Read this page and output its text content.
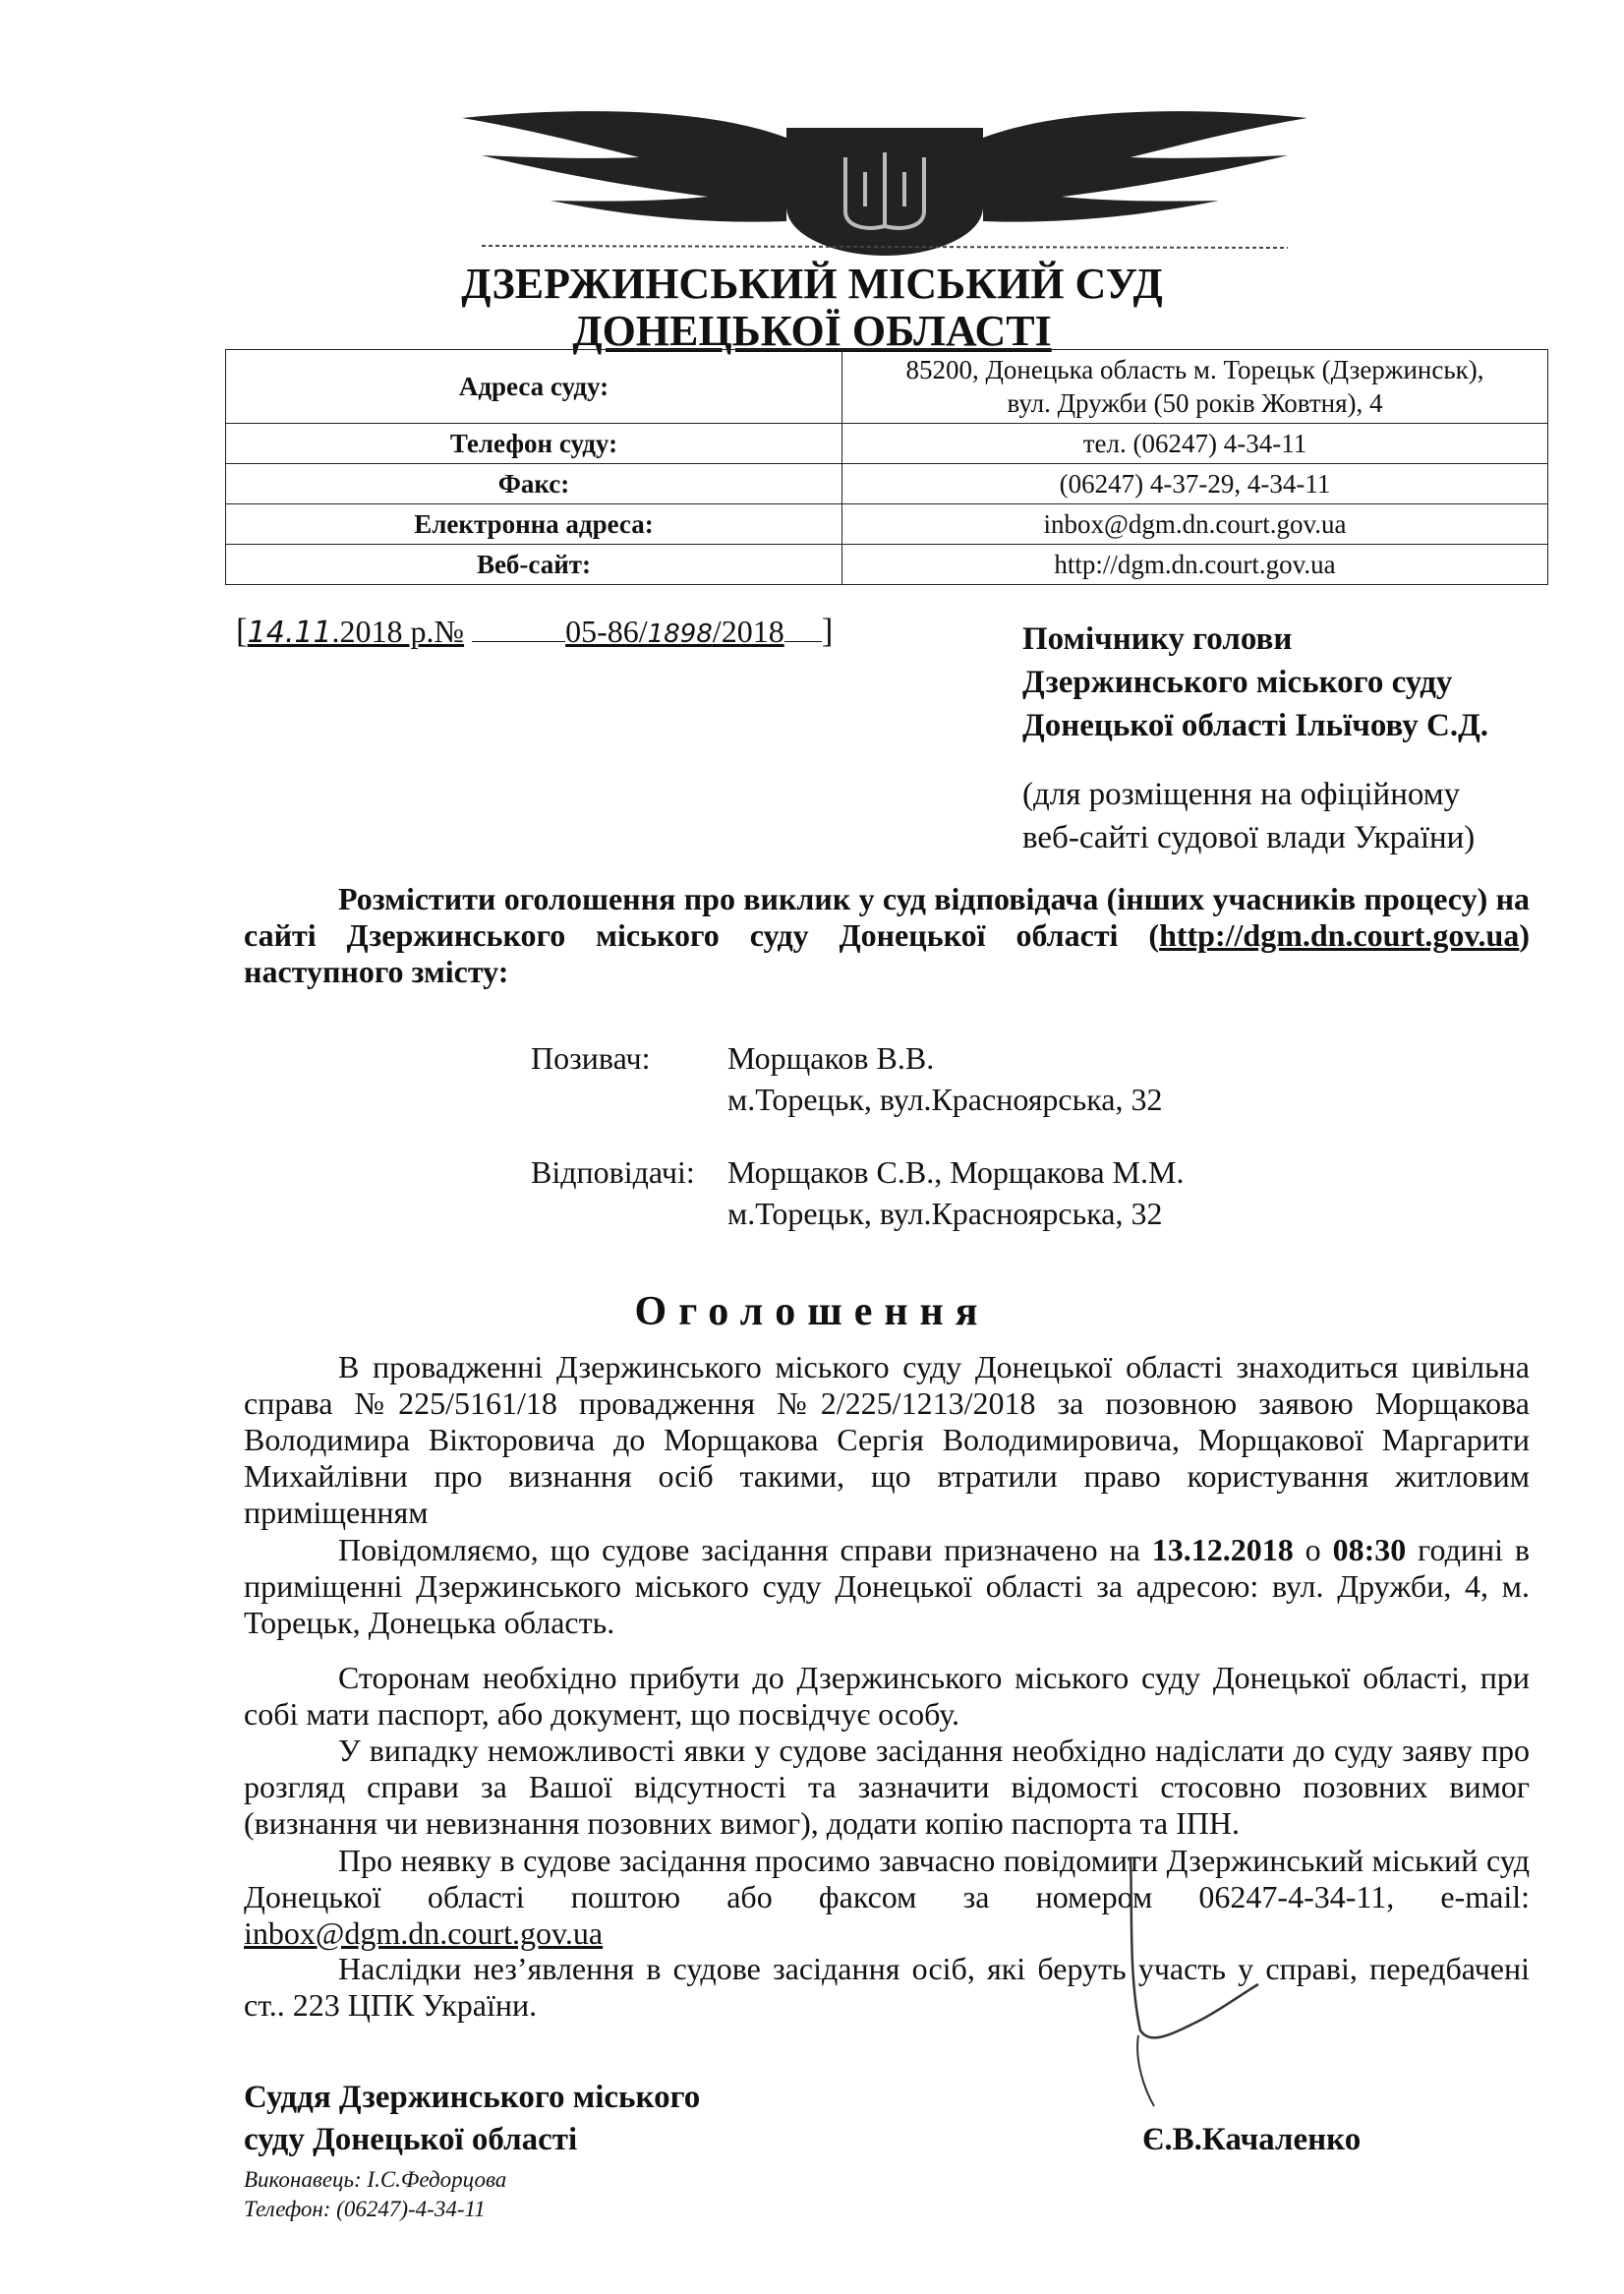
ДЗЕРЖИНСЬКИЙ МІСЬКИЙ СУД
ДОНЕЦЬКОЇ ОБЛАСТІ
Адреса суду:	85200, Донецька область м. Торецьк (Дзержинськ),
вул. Дружби (50 років Жовтня), 4

Телефон суду:	тел. (06247) 4-34-11
Факс:	(06247) 4-37-29, 4-34-11
Електронна адреса:	inbox@dgm.dn.court.gov.ua
Веб-сайт:	http://dgm.dn.court.gov.ua
[14.11.2018 р.№	05-86/1898/2018 ]	Помічнику голови
Дзержинського міського суду
Донецької області Ільїчову С.Д.
(для розміщення на офіційному
веб-сайті судової влади України)
Розмістити оголошення про виклик у суд відповідача (інших учасників процесу) на сайті Дзержинського міського суду Донецької області (http://dgm.dn.court.gov.ua) наступного змісту:
Позивач: Морщаков В.В.
м.Торецьк, вул.Красноярська, 32
Відповідачі: Морщаков С.В., Морщакова М.М.
м.Торецьк, вул.Красноярська, 32
Оголошення
В провадженні Дзержинського міського суду Донецької області знаходиться цивільна справа №225/5161/18 провадження №2/225/1213/2018 за позовною заявою Морщакова Володимира Вікторовича до Морщакова Сергія Володимировича, Морщакової Маргарити Михайлівни про визнання осіб такими, що втратили право користування житловим приміщенням
Повідомляємо, що судове засідання справи призначено на 13.12.2018 о 08:30 годині в приміщенні Дзержинського міського суду Донецької області за адресою: вул. Дружби, 4, м. Торецьк, Донецька область.
Сторонам необхідно прибути до Дзержинського міського суду Донецької області, при собі мати паспорт, або документ, що посвідчує особу.
У випадку неможливості явки у судове засідання необхідно надіслати до суду заяву про розгляд справи за Вашої відсутності та зазначити відомості стосовно позовних вимог (визнання чи невизнання позовних вимог), додати копію паспорта та ІПН.
Про неявку в судове засідання просимо завчасно повідомити Дзержинський міський суд Донецької області поштою або факсом за номером 06247-4-34-11, e-mail: inbox@dgm.dn.court.gov.ua
Наслідки нез’явлення в судове засідання осіб, які беруть участь у справі, передбачені ст.. 223 ЦПК України.
Суддя Дзержинського міського
суду Донецької області	Є.В.Качаленко
Виконавець: І.С.Федорцова
Телефон: (06247)-4-34-11
